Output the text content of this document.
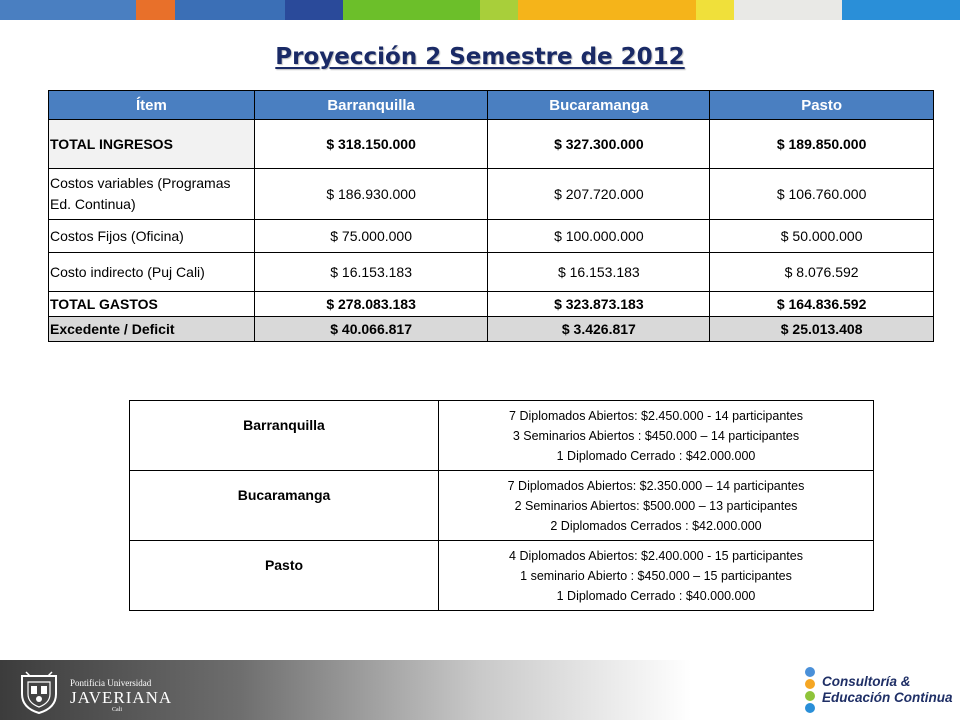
Proyección 2 Semestre de 2012
Ítem	Barranquilla	Bucaramanga	Pasto
TOTAL INGRESOS	$ 318.150.000	$ 327.300.000	$ 189.850.000
Costos variables (Programas Ed. Continua)	$ 186.930.000	$ 207.720.000	$ 106.760.000
Costos Fijos (Oficina)	$ 75.000.000	$ 100.000.000	$ 50.000.000
Costo indirecto (Puj Cali)	$ 16.153.183	$ 16.153.183	$ 8.076.592
TOTAL GASTOS	$ 278.083.183	$ 323.873.183	$ 164.836.592
Excedente / Deficit	$ 40.066.817	$ 3.426.817	$ 25.013.408
Barranquilla	7 Diplomados Abiertos: $2.450.000 - 14 participantes
3 Seminarios Abiertos : $450.000 – 14 participantes
1 Diplomado Cerrado : $42.000.000

Bucaramanga	7 Diplomados Abiertos: $2.350.000 – 14 participantes
2 Seminarios Abiertos: $500.000 – 13 participantes
2 Diplomados Cerrados : $42.000.000

Pasto	4 Diplomados Abiertos: $2.400.000 - 15 participantes
1 seminario Abierto : $450.000 – 15 participantes
1 Diplomado Cerrado : $40.000.000
Pontificia Universidad
JAVERIANA
Cali
Consultoría &
Educación Continua
